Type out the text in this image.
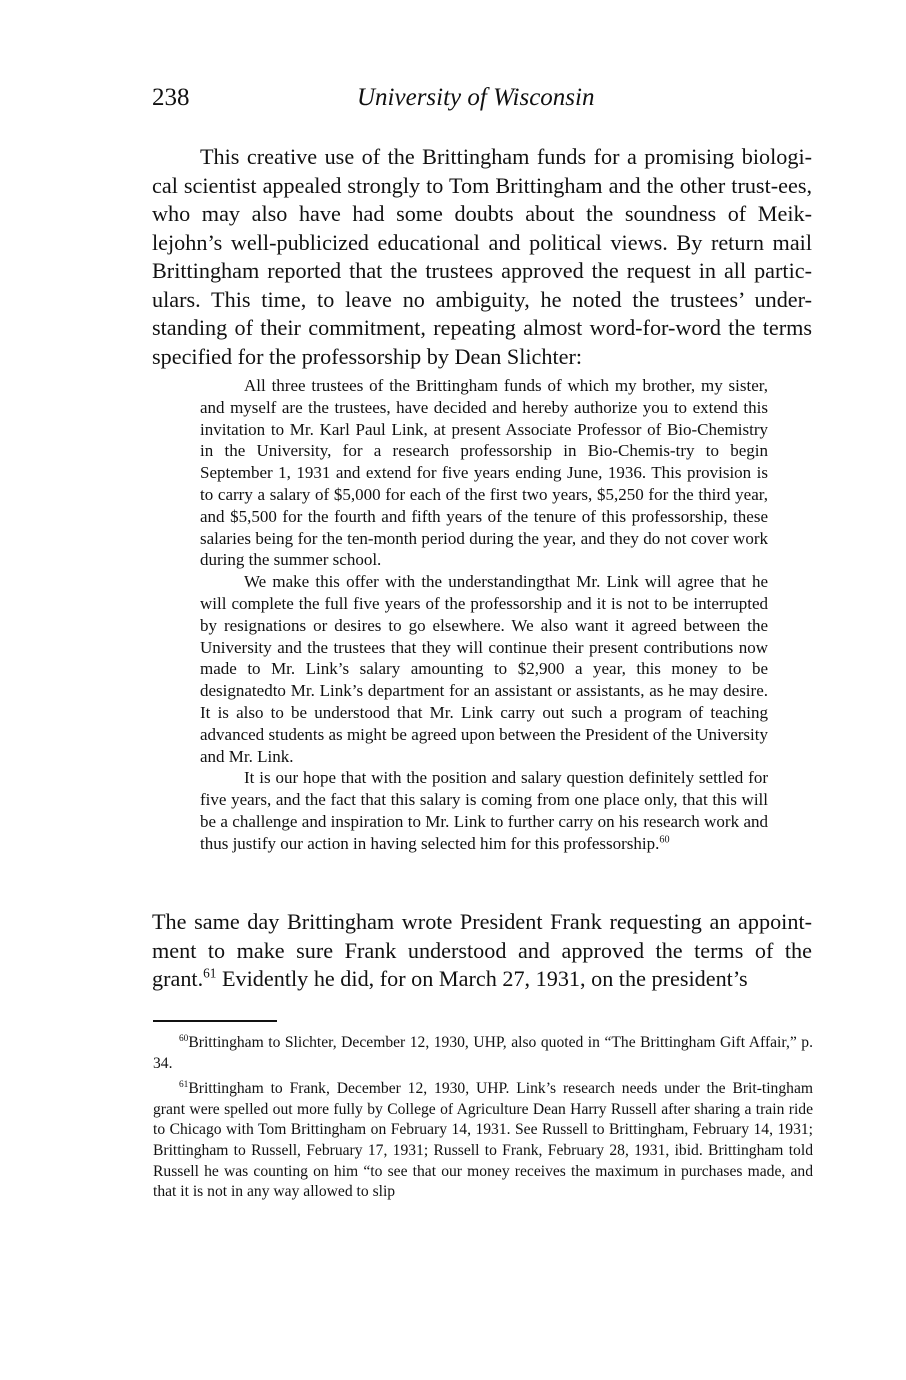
238	University of Wisconsin

This creative use of the Brittingham funds for a promising biologi-cal scientist appealed strongly to Tom Brittingham and the other trust-ees, who may also have had some doubts about the soundness of Meik-lejohn’s well-publicized educational and political views. By return mail Brittingham reported that the trustees approved the request in all partic-ulars. This time, to leave no ambiguity, he noted the trustees’ under-standing of their commitment, repeating almost word-for-word the terms specified for the professorship by Dean Slichter:

All three trustees of the Brittingham funds of which my brother, my sister, and myself are the trustees, have decided and hereby authorize you to extend this invitation to Mr. Karl Paul Link, at present Associate Professor of Bio-Chemistry in the University, for a research professorship in Bio-Chemis-try to begin September 1, 1931 and extend for five years ending June, 1936. This provision is to carry a salary of $5,000 for each of the first two years, $5,250 for the third year, and $5,500 for the fourth and fifth years of the tenure of this professorship, these salaries being for the ten-month period during the year, and they do not cover work during the summer school.

We make this offer with the understandingthat Mr. Link will agree that he will complete the full five years of the professorship and it is not to be interrupted by resignations or desires to go elsewhere. We also want it agreed between the University and the trustees that they will continue their present contributions now made to Mr. Link’s salary amounting to $2,900 a year, this money to be designatedto Mr. Link’s department for an assistant or assistants, as he may desire. It is also to be understood that Mr. Link carry out such a program of teaching advanced students as might be agreed upon between the President of the University and Mr. Link.

It is our hope that with the position and salary question definitely settled for five years, and the fact that this salary is coming from one place only, that this will be a challenge and inspiration to Mr. Link to further carry on his research work and thus justify our action in having selected him for this professorship.$^{60}$

The same day Brittingham wrote President Frank requesting an appoint-ment to make sure Frank understood and approved the terms of the grant.$^{61}$ Evidently he did, for on March 27, 1931, on the president’s

$^{60}$Brittingham to Slichter, December 12, 1930, UHP, also quoted in “The Brittingham Gift Affair,” p. 34.

$^{61}$Brittingham to Frank, December 12, 1930, UHP. Link’s research needs under the Brit-tingham grant were spelled out more fully by College of Agriculture Dean Harry Russell after sharing a train ride to Chicago with Tom Brittingham on February 14, 1931. See Russell to Brittingham, February 14, 1931; Brittingham to Russell, February 17, 1931; Russell to Frank, February 28, 1931, ibid. Brittingham told Russell he was counting on him “to see that our money receives the maximum in purchases made, and that it is not in any way allowed to slip
